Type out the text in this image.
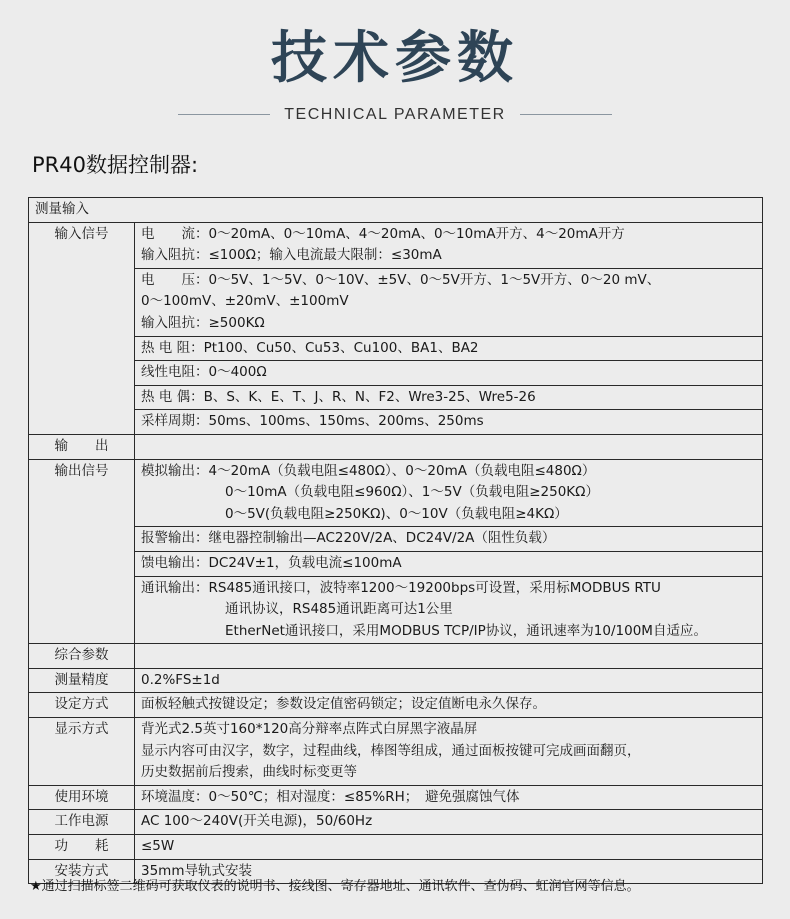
技术参数
TECHNICAL PARAMETER
PR40数据控制器:
测量输入	
输入信号	电　　流：0～20mA、0～10mA、4～20mA、0～10mA开方、4～20mA开方
输入阻抗：≤100Ω；输入电流最大限制：≤30mA

	电　　压：0～5V、1～5V、0～10V、±5V、0～5V开方、1～5V开方、0～20 mV、
0～100mV、±20mV、±100mV
输入阻抗：≥500KΩ

	热 电 阻：Pt100、Cu50、Cu53、Cu100、BA1、BA2
	线性电阻：0～400Ω
	热 电 偶：B、S、K、E、T、J、R、N、F2、Wre3-25、Wre5-26
	采样周期：50ms、100ms、150ms、200ms、250ms
输　　出	
输出信号	模拟输出：4～20mA（负载电阻≤480Ω）、0～20mA（负载电阻≤480Ω）
0～10mA（负载电阻≤960Ω）、1～5V（负载电阻≥250KΩ）
0～5V(负载电阻≥250KΩ)、0～10V（负载电阻≥4KΩ）

	报警输出：继电器控制输出—AC220V/2A、DC24V/2A（阻性负载）
	馈电输出：DC24V±1，负载电流≤100mA

	通讯输出：RS485通讯接口，波特率1200～19200bps可设置，采用标MODBUS RTU
通讯协议，RS485通讯距离可达1公里
EtherNet通讯接口，采用MODBUS TCP/IP协议，通讯速率为10/100M自适应。

综合参数	
测量精度	0.2%FS±1d
设定方式	面板轻触式按键设定；参数设定值密码锁定；设定值断电永久保存。
显示方式	背光式2.5英寸160*120高分辩率点阵式白屏黑字液晶屏
显示内容可由汉字，数字，过程曲线，棒图等组成，通过面板按键可完成画面翻页，
历史数据前后搜索，曲线时标变更等

使用环境	环境温度：0～50℃；相对湿度：≤85%RH；　避免强腐蚀气体
工作电源	AC 100～240V(开关电源)，50/60Hz
功　　耗	≤5W
安装方式	35mm导轨式安装
★通过扫描标签二维码可获取仪表的说明书、接线图、寄存器地址、通讯软件、查伪码、虹润官网等信息。
